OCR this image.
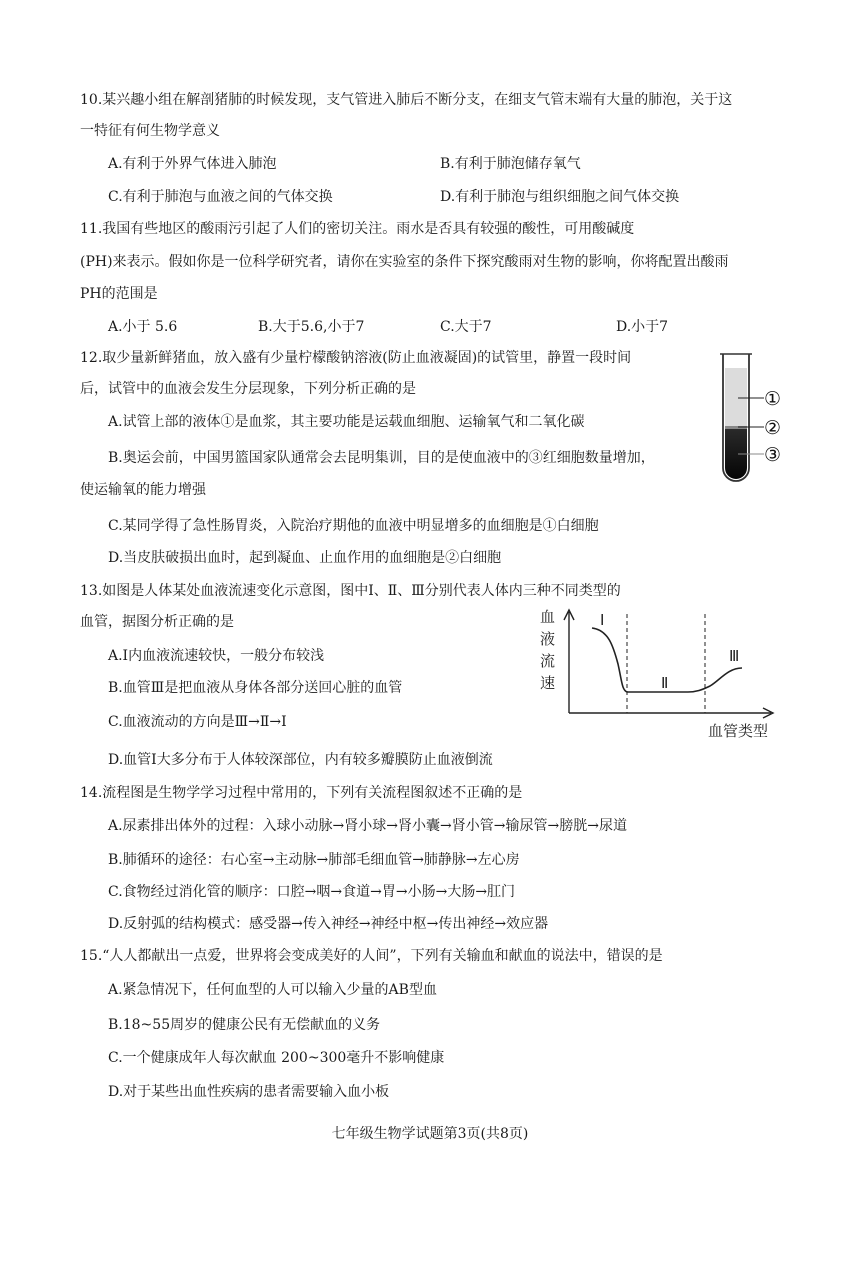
10.某兴趣小组在解剖猪肺的时候发现，支气管进入肺后不断分支，在细支气管末端有大量的肺泡，关于这
一特征有何生物学意义
A.有利于外界气体进入肺泡	B.有利于肺泡储存氧气
C.有利于肺泡与血液之间的气体交换	D.有利于肺泡与组织细胞之间气体交换
11.我国有些地区的酸雨污引起了人们的密切关注。雨水是否具有较强的酸性，可用酸碱度
(PH)来表示。假如你是一位科学研究者，请你在实验室的条件下探究酸雨对生物的影响，你将配置出酸雨
PH的范围是
A.小于 5.6	B.大于5.6,小于7	C.大于7	D.小于7
12.取少量新鲜猪血，放入盛有少量柠檬酸钠溶液(防止血液凝固)的试管里，静置一段时间
后，试管中的血液会发生分层现象，下列分析正确的是
A.试管上部的液体①是血浆，其主要功能是运载血细胞、运输氧气和二氧化碳
B.奥运会前，中国男篮国家队通常会去昆明集训，目的是使血液中的③红细胞数量增加，
使运输氧的能力增强
C.某同学得了急性肠胃炎，入院治疗期他的血液中明显增多的血细胞是①白细胞
D.当皮肤破损出血时，起到凝血、止血作用的血细胞是②白细胞
①
②
③
13.如图是人体某处血液流速变化示意图，图中Ⅰ、Ⅱ、Ⅲ分别代表人体内三种不同类型的
血管，据图分析正确的是
A.Ⅰ内血液流速较快，一般分布较浅
B.血管Ⅲ是把血液从身体各部分送回心脏的血管
C.血液流动的方向是Ⅲ→Ⅱ→Ⅰ
D.血管Ⅰ大多分布于人体较深部位，内有较多瓣膜防止血液倒流
血
液
流
速
Ⅰ
Ⅱ
Ⅲ
血管类型
14.流程图是生物学学习过程中常用的，下列有关流程图叙述不正确的是
A.尿素排出体外的过程：入球小动脉→肾小球→肾小囊→肾小管→输尿管→膀胱→尿道
B.肺循环的途径：右心室→主动脉→肺部毛细血管→肺静脉→左心房
C.食物经过消化管的顺序：口腔→咽→食道→胃→小肠→大肠→肛门
D.反射弧的结构模式：感受器→传入神经→神经中枢→传出神经→效应器
15.“人人都献出一点爱，世界将会变成美好的人间”，下列有关输血和献血的说法中，错误的是
A.紧急情况下，任何血型的人可以输入少量的AB型血
B.18~55周岁的健康公民有无偿献血的义务
C.一个健康成年人每次献血 200~300毫升不影响健康
D.对于某些出血性疾病的患者需要输入血小板
七年级生物学试题第3页(共8页)
